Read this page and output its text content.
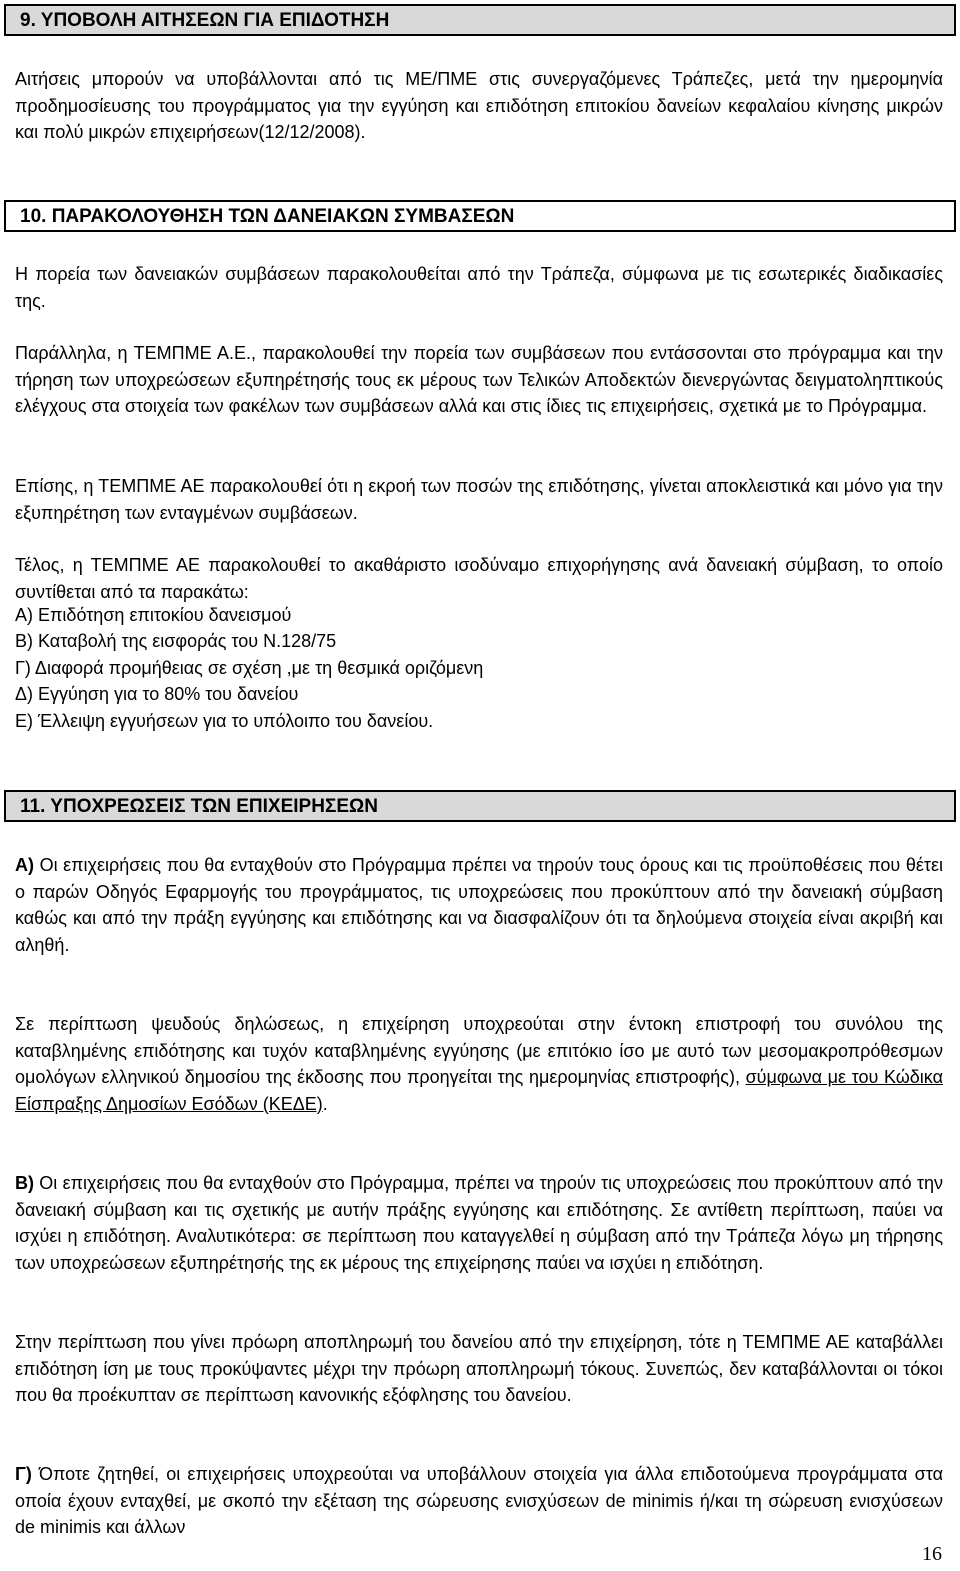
9. ΥΠΟΒΟΛΗ ΑΙΤΗΣΕΩΝ ΓΙΑ ΕΠΙΔΟΤΗΣΗ
Αιτήσεις μπορούν να υποβάλλονται από τις ΜΕ/ΠΜΕ στις συνεργαζόμενες Τράπεζες, μετά την ημερομηνία προδημοσίευσης του προγράμματος για την εγγύηση και επιδότηση επιτοκίου δανείων κεφαλαίου κίνησης μικρών και πολύ μικρών επιχειρήσεων(12/12/2008).
10. ΠΑΡΑΚΟΛΟΥΘΗΣΗ ΤΩΝ ΔΑΝΕΙΑΚΩΝ ΣΥΜΒΑΣΕΩΝ
Η πορεία των δανειακών συμβάσεων παρακολουθείται από την Τράπεζα, σύμφωνα με τις εσωτερικές διαδικασίες της.
Παράλληλα, η ΤΕΜΠΜΕ Α.Ε., παρακολουθεί την πορεία των συμβάσεων που εντάσσονται στο πρόγραμμα και την τήρηση των υποχρεώσεων εξυπηρέτησής τους εκ μέρους των Τελικών Αποδεκτών διενεργώντας δειγματοληπτικούς ελέγχους στα στοιχεία των φακέλων των συμβάσεων αλλά και στις ίδιες τις επιχειρήσεις, σχετικά με το Πρόγραμμα.
Επίσης, η ΤΕΜΠΜΕ ΑΕ παρακολουθεί ότι η εκροή των ποσών της επιδότησης, γίνεται αποκλειστικά και μόνο για την εξυπηρέτηση των ενταγμένων συμβάσεων.
Τέλος, η ΤΕΜΠΜΕ ΑΕ παρακολουθεί το ακαθάριστο ισοδύναμο επιχορήγησης ανά δανειακή σύμβαση, το οποίο συντίθεται από τα παρακάτω:
Α) Επιδότηση επιτοκίου δανεισμού
Β) Καταβολή της εισφοράς του Ν.128/75
Γ) Διαφορά προμήθειας σε σχέση ,με τη θεσμικά οριζόμενη
Δ) Εγγύηση για το 80% του δανείου
Ε) Έλλειψη εγγυήσεων για το υπόλοιπο του δανείου.
11. ΥΠΟΧΡΕΩΣΕΙΣ ΤΩΝ ΕΠΙΧΕΙΡΗΣΕΩΝ
Α) Οι επιχειρήσεις που θα ενταχθούν στο Πρόγραμμα πρέπει να τηρούν τους όρους και τις προϋποθέσεις που θέτει ο παρών Οδηγός Εφαρμογής του προγράμματος, τις υποχρεώσεις που προκύπτουν από την δανειακή σύμβαση καθώς και από την πράξη εγγύησης και επιδότησης και να διασφαλίζουν ότι τα δηλούμενα στοιχεία είναι ακριβή και αληθή.
Σε περίπτωση ψευδούς δηλώσεως, η επιχείρηση υποχρεούται στην έντοκη επιστροφή του συνόλου της καταβλημένης επιδότησης και τυχόν καταβλημένης εγγύησης (με επιτόκιο ίσο με αυτό των μεσομακροπρόθεσμων ομολόγων ελληνικού δημοσίου της έκδοσης που προηγείται της ημερομηνίας επιστροφής), σύμφωνα με του Κώδικα Είσπραξης Δημοσίων Εσόδων (ΚΕΔΕ).
Β) Οι επιχειρήσεις που θα ενταχθούν στο Πρόγραμμα, πρέπει να τηρούν τις υποχρεώσεις που προκύπτουν από την δανειακή σύμβαση και τις σχετικής με αυτήν πράξης εγγύησης και επιδότησης. Σε αντίθετη περίπτωση, παύει να ισχύει η επιδότηση. Αναλυτικότερα: σε περίπτωση που καταγγελθεί η σύμβαση από την Τράπεζα λόγω μη τήρησης των υποχρεώσεων εξυπηρέτησής της εκ μέρους της επιχείρησης παύει να ισχύει η επιδότηση.
Στην περίπτωση που γίνει πρόωρη αποπληρωμή του δανείου από την επιχείρηση, τότε η ΤΕΜΠΜΕ ΑΕ καταβάλλει επιδότηση ίση με τους προκύψαντες μέχρι την πρόωρη αποπληρωμή τόκους. Συνεπώς, δεν καταβάλλονται οι τόκοι που θα προέκυπταν σε περίπτωση κανονικής εξόφλησης του δανείου.
Γ) Όποτε ζητηθεί, οι επιχειρήσεις υποχρεούται να υποβάλλουν στοιχεία για άλλα επιδοτούμενα προγράμματα στα οποία έχουν ενταχθεί, με σκοπό την εξέταση της σώρευσης ενισχύσεων de minimis ή/και τη σώρευση ενισχύσεων de minimis και άλλων
16
